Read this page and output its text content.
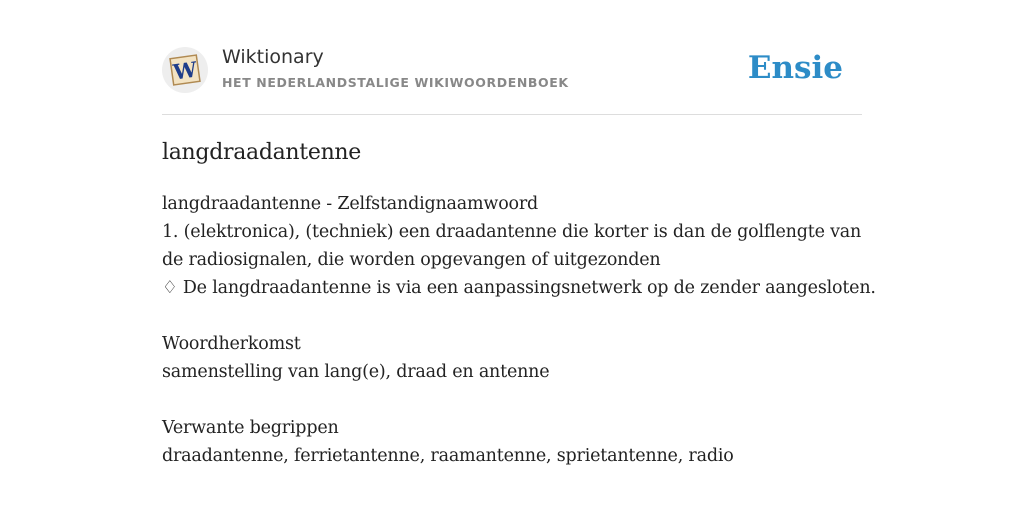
W Wiktionary
HET NEDERLANDSTALIGE WIKIWOORDENBOEK	Ensie
langdraadantenne
langdraadantenne - Zelfstandignaamwoord
1. (elektronica), (techniek) een draadantenne die korter is dan de golflengte van
de radiosignalen, die worden opgevangen of uitgezonden
♢ De langdraadantenne is via een aanpassingsnetwerk op de zender aangesloten.
Woordherkomst
samenstelling van lang(e), draad en antenne
Verwante begrippen
draadantenne, ferrietantenne, raamantenne, sprietantenne, radio
